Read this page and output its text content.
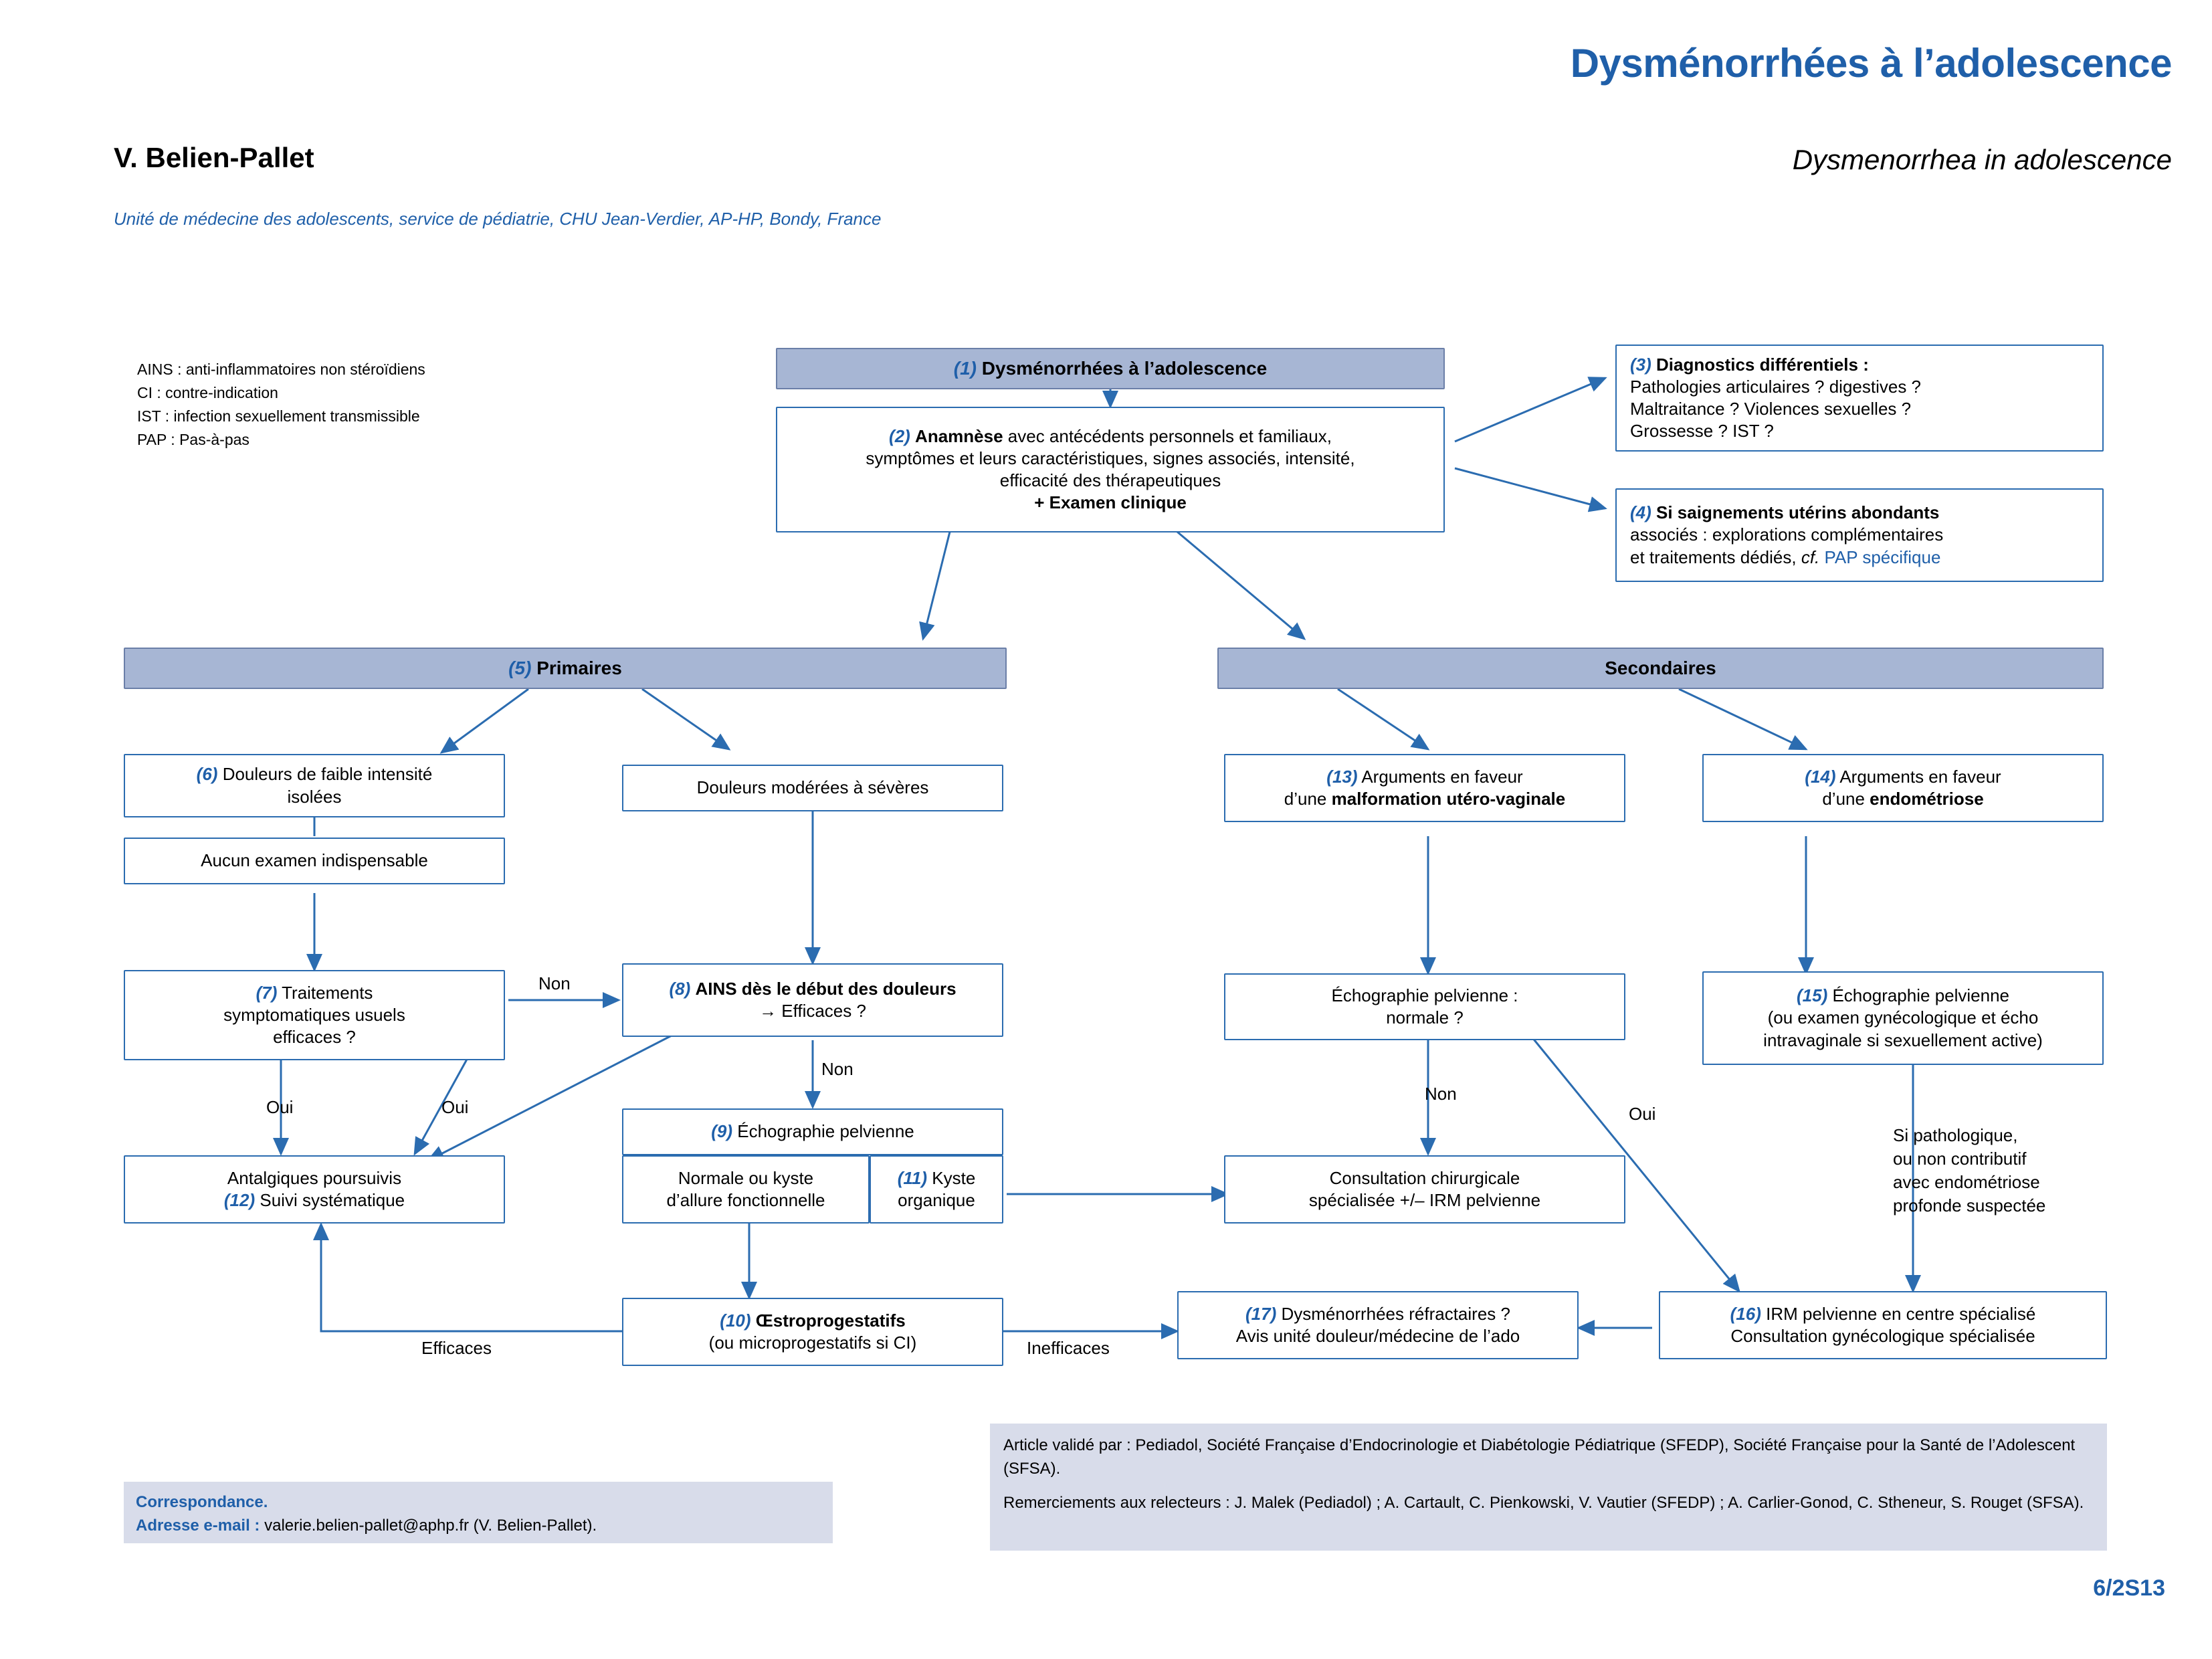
Dysménorrhées à l’adolescence
V. Belien-Pallet	Dysmenorrhea in adolescence
Unité de médecine des adolescents, service de pédiatrie, CHU Jean-Verdier, AP-HP, Bondy, France
AINS : anti-inflammatoires non stéroïdiens
CI : contre-indication
IST : infection sexuellement transmissible
PAP : Pas-à-pas
(1)
Dysménorrhées à l’adolescence
(2) Anamnèse avec antécédents personnels et familiaux,
symptômes et leurs caractéristiques, signes associés, intensité,
efficacité des thérapeutiques
+ Examen clinique
(3) Diagnostics différentiels :
Pathologies articulaires ? digestives ?
Maltraitance ? Violences sexuelles ?
Grossesse ? IST ?
(4) Si saignements utérins abondants
associés : explorations complémentaires
et traitements dédiés, cf. PAP spécifique
(5)
Primaires	Secondaires
(6) Douleurs de faible intensité
isolées
Aucun examen indispensable
Douleurs modérées à sévères
(7) Traitements
symptomatiques usuels
efficaces ?
(8) AINS dès le début des douleurs
→ Efficaces ?
(9)
Échographie pelvienne
Normale ou kyste
d’allure fonctionnelle
(11) Kyste
organique
Antalgiques poursuivis
(12) Suivi systématique
(10) Œstroprogestatifs
(ou microprogestatifs si CI)
(13) Arguments en faveur
d’une malformation utéro-vaginale
(14) Arguments en faveur
d’une endométriose
Échographie pelvienne :
normale ?
(15) Échographie pelvienne
(ou examen gynécologique et écho
intravaginale si sexuellement active)
Consultation chirurgicale
spécialisée +/– IRM pelvienne
(16) IRM pelvienne en centre spécialisé
Consultation gynécologique spécialisée
(17) Dysménorrhées réfractaires ?
Avis unité douleur/médecine de l’ado
Non
Non
Oui	Oui
Non
Oui
Efficaces	Inefficaces
Si pathologique,
ou non contributif
avec endométriose
profonde suspectée
Correspondance.
Adresse e-mail : valerie.belien-pallet@aphp.fr (V. Belien-Pallet).

Article validé par : Pediadol, Société Française d’Endocrinologie et Diabétologie Pédiatrique (SFEDP), Société Française pour la Santé de l’Adolescent (SFSA).

Remerciements aux relecteurs : J. Malek (Pediadol) ; A. Cartault, C. Pienkowski, V. Vautier (SFEDP) ; A. Carlier-Gonod, C. Stheneur, S. Rouget (SFSA).

6/2S13
